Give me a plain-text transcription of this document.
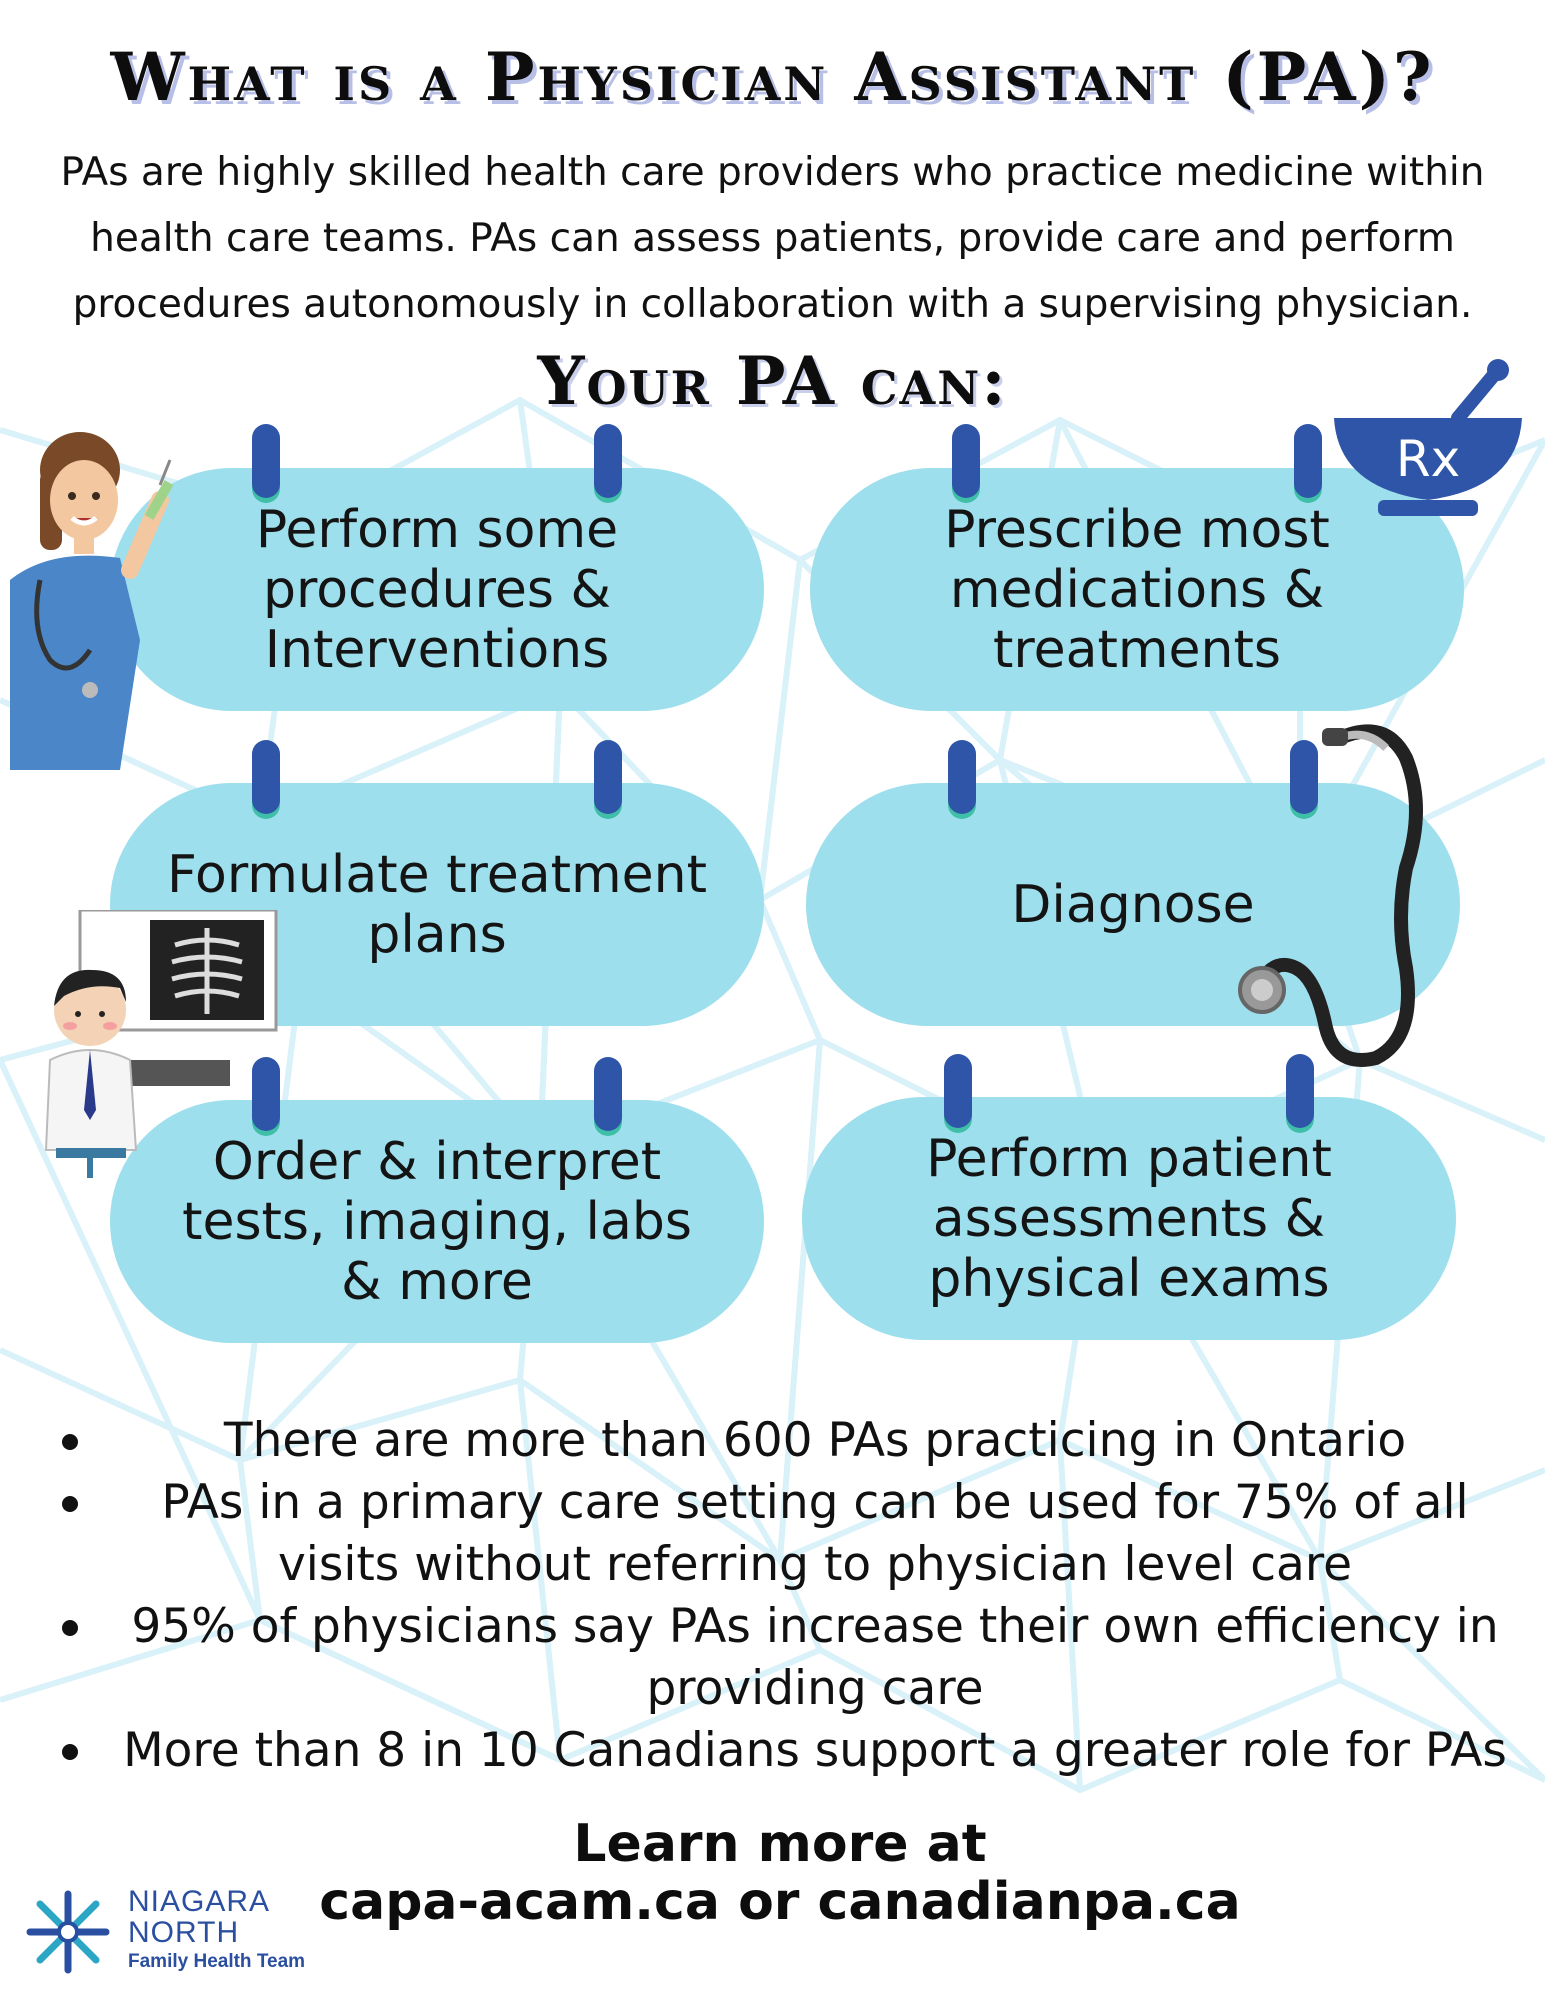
What is a Physician Assistant (PA)?
PAs are highly skilled health care providers who practice medicine within health care teams. PAs can assess patients, provide care and perform procedures autonomously in collaboration with a supervising physician.
Your PA can:
Perform some procedures & Interventions
Prescribe most medications & treatments
Formulate treatment plans	Diagnose
Order & interpret tests, imaging, labs & more
Perform patient assessments & physical exams
Rx
There are more than 600 PAs practicing in Ontario
PAs in a primary care setting can be used for 75% of all visits without referring to physician level care
95% of physicians say PAs increase their own efficiency in providing care
More than 8 in 10 Canadians support a greater role for PAs
Learn more at
capa-acam.ca or canadianpa.ca
NIAGARA
NORTH
Family Health Team
